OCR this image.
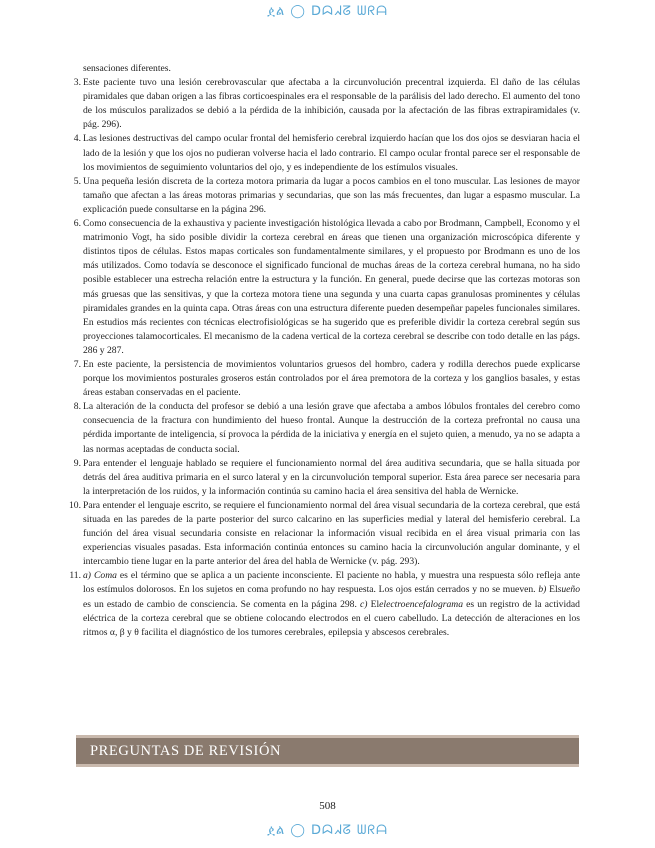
ዸል ◯ ᗞᗣᖽᘔ ᗯᖇᗩ

sensaciones diferentes.

3. Este paciente tuvo una lesión cerebrovascular que afectaba a la circunvolución precentral izquierda. El daño de las células piramidales que daban origen a las fibras corticoespinales era el responsable de la parálisis del lado derecho. El aumento del tono de los músculos paralizados se debió a la pérdida de la inhibición, causada por la afectación de las fibras extrapiramidales (v. pág. 296).
4. Las lesiones destructivas del campo ocular frontal del hemisferio cerebral izquierdo hacían que los dos ojos se desviaran hacia el lado de la lesión y que los ojos no pudieran volverse hacia el lado contrario. El campo ocular frontal parece ser el responsable de los movimientos de seguimiento voluntarios del ojo, y es independiente de los estímulos visuales.
5. Una pequeña lesión discreta de la corteza motora primaria da lugar a pocos cambios en el tono muscular. Las lesiones de mayor tamaño que afectan a las áreas motoras primarias y secundarias, que son las más frecuentes, dan lugar a espasmo muscular. La explicación puede consultarse en la página 296.
6. Como consecuencia de la exhaustiva y paciente investigación histológica llevada a cabo por Brodmann, Campbell, Economo y el matrimonio Vogt, ha sido posible dividir la corteza cerebral en áreas que tienen una organización microscópica diferente y distintos tipos de células. Estos mapas corticales son fundamentalmente similares, y el propuesto por Brodmann es uno de los más utilizados. Como todavía se desconoce el significado funcional de muchas áreas de la corteza cerebral humana, no ha sido posible establecer una estrecha relación entre la estructura y la función. En general, puede decirse que las cortezas motoras son más gruesas que las sensitivas, y que la corteza motora tiene una segunda y una cuarta capas granulosas prominentes y células piramidales grandes en la quinta capa. Otras áreas con una estructura diferente pueden desempeñar papeles funcionales similares. En estudios más recientes con técnicas electrofisiológicas se ha sugerido que es preferible dividir la corteza cerebral según sus proyecciones talamocorticales. El mecanismo de la cadena vertical de la corteza cerebral se describe con todo detalle en las págs. 286 y 287.
7. En este paciente, la persistencia de movimientos voluntarios gruesos del hombro, cadera y rodilla derechos puede explicarse porque los movimientos posturales groseros están controlados por el área premotora de la corteza y los ganglios basales, y estas áreas estaban conservadas en el paciente.
8. La alteración de la conducta del profesor se debió a una lesión grave que afectaba a ambos lóbulos frontales del cerebro como consecuencia de la fractura con hundimiento del hueso frontal. Aunque la destrucción de la corteza prefrontal no causa una pérdida importante de inteligencia, sí provoca la pérdida de la iniciativa y energía en el sujeto quien, a menudo, ya no se adapta a las normas aceptadas de conducta social.
9. Para entender el lenguaje hablado se requiere el funcionamiento normal del área auditiva secundaria, que se halla situada por detrás del área auditiva primaria en el surco lateral y en la circunvolución temporal superior. Esta área parece ser necesaria para la interpretación de los ruidos, y la información continúa su camino hacia el área sensitiva del habla de Wernicke.
10. Para entender el lenguaje escrito, se requiere el funcionamiento normal del área visual secundaria de la corteza cerebral, que está situada en las paredes de la parte posterior del surco calcarino en las superficies medial y lateral del hemisferio cerebral. La función del área visual secundaria consiste en relacionar la información visual recibida en el área visual primaria con las experiencias visuales pasadas. Esta información continúa entonces su camino hacia la circunvolución angular dominante, y el intercambio tiene lugar en la parte anterior del área del habla de Wernicke (v. pág. 293).
11. a) Coma es el término que se aplica a un paciente inconsciente. El paciente no habla, y muestra una respuesta sólo refleja ante los estímulos dolorosos. En los sujetos en coma profundo no hay respuesta. Los ojos están cerrados y no se mueven. b) Elsueño es un estado de cambio de consciencia. Se comenta en la página 298. c) Elelectroencefalograma es un registro de la actividad eléctrica de la corteza cerebral que se obtiene colocando electrodos en el cuero cabelludo. La detección de alteraciones en los ritmos α, β y θ facilita el diagnóstico de los tumores cerebrales, epilepsia y abscesos cerebrales.
PREGUNTAS DE REVISIÓN
508
ዸል ◯ ᗞᗣᖽᘔ ᗯᖇᗩ
